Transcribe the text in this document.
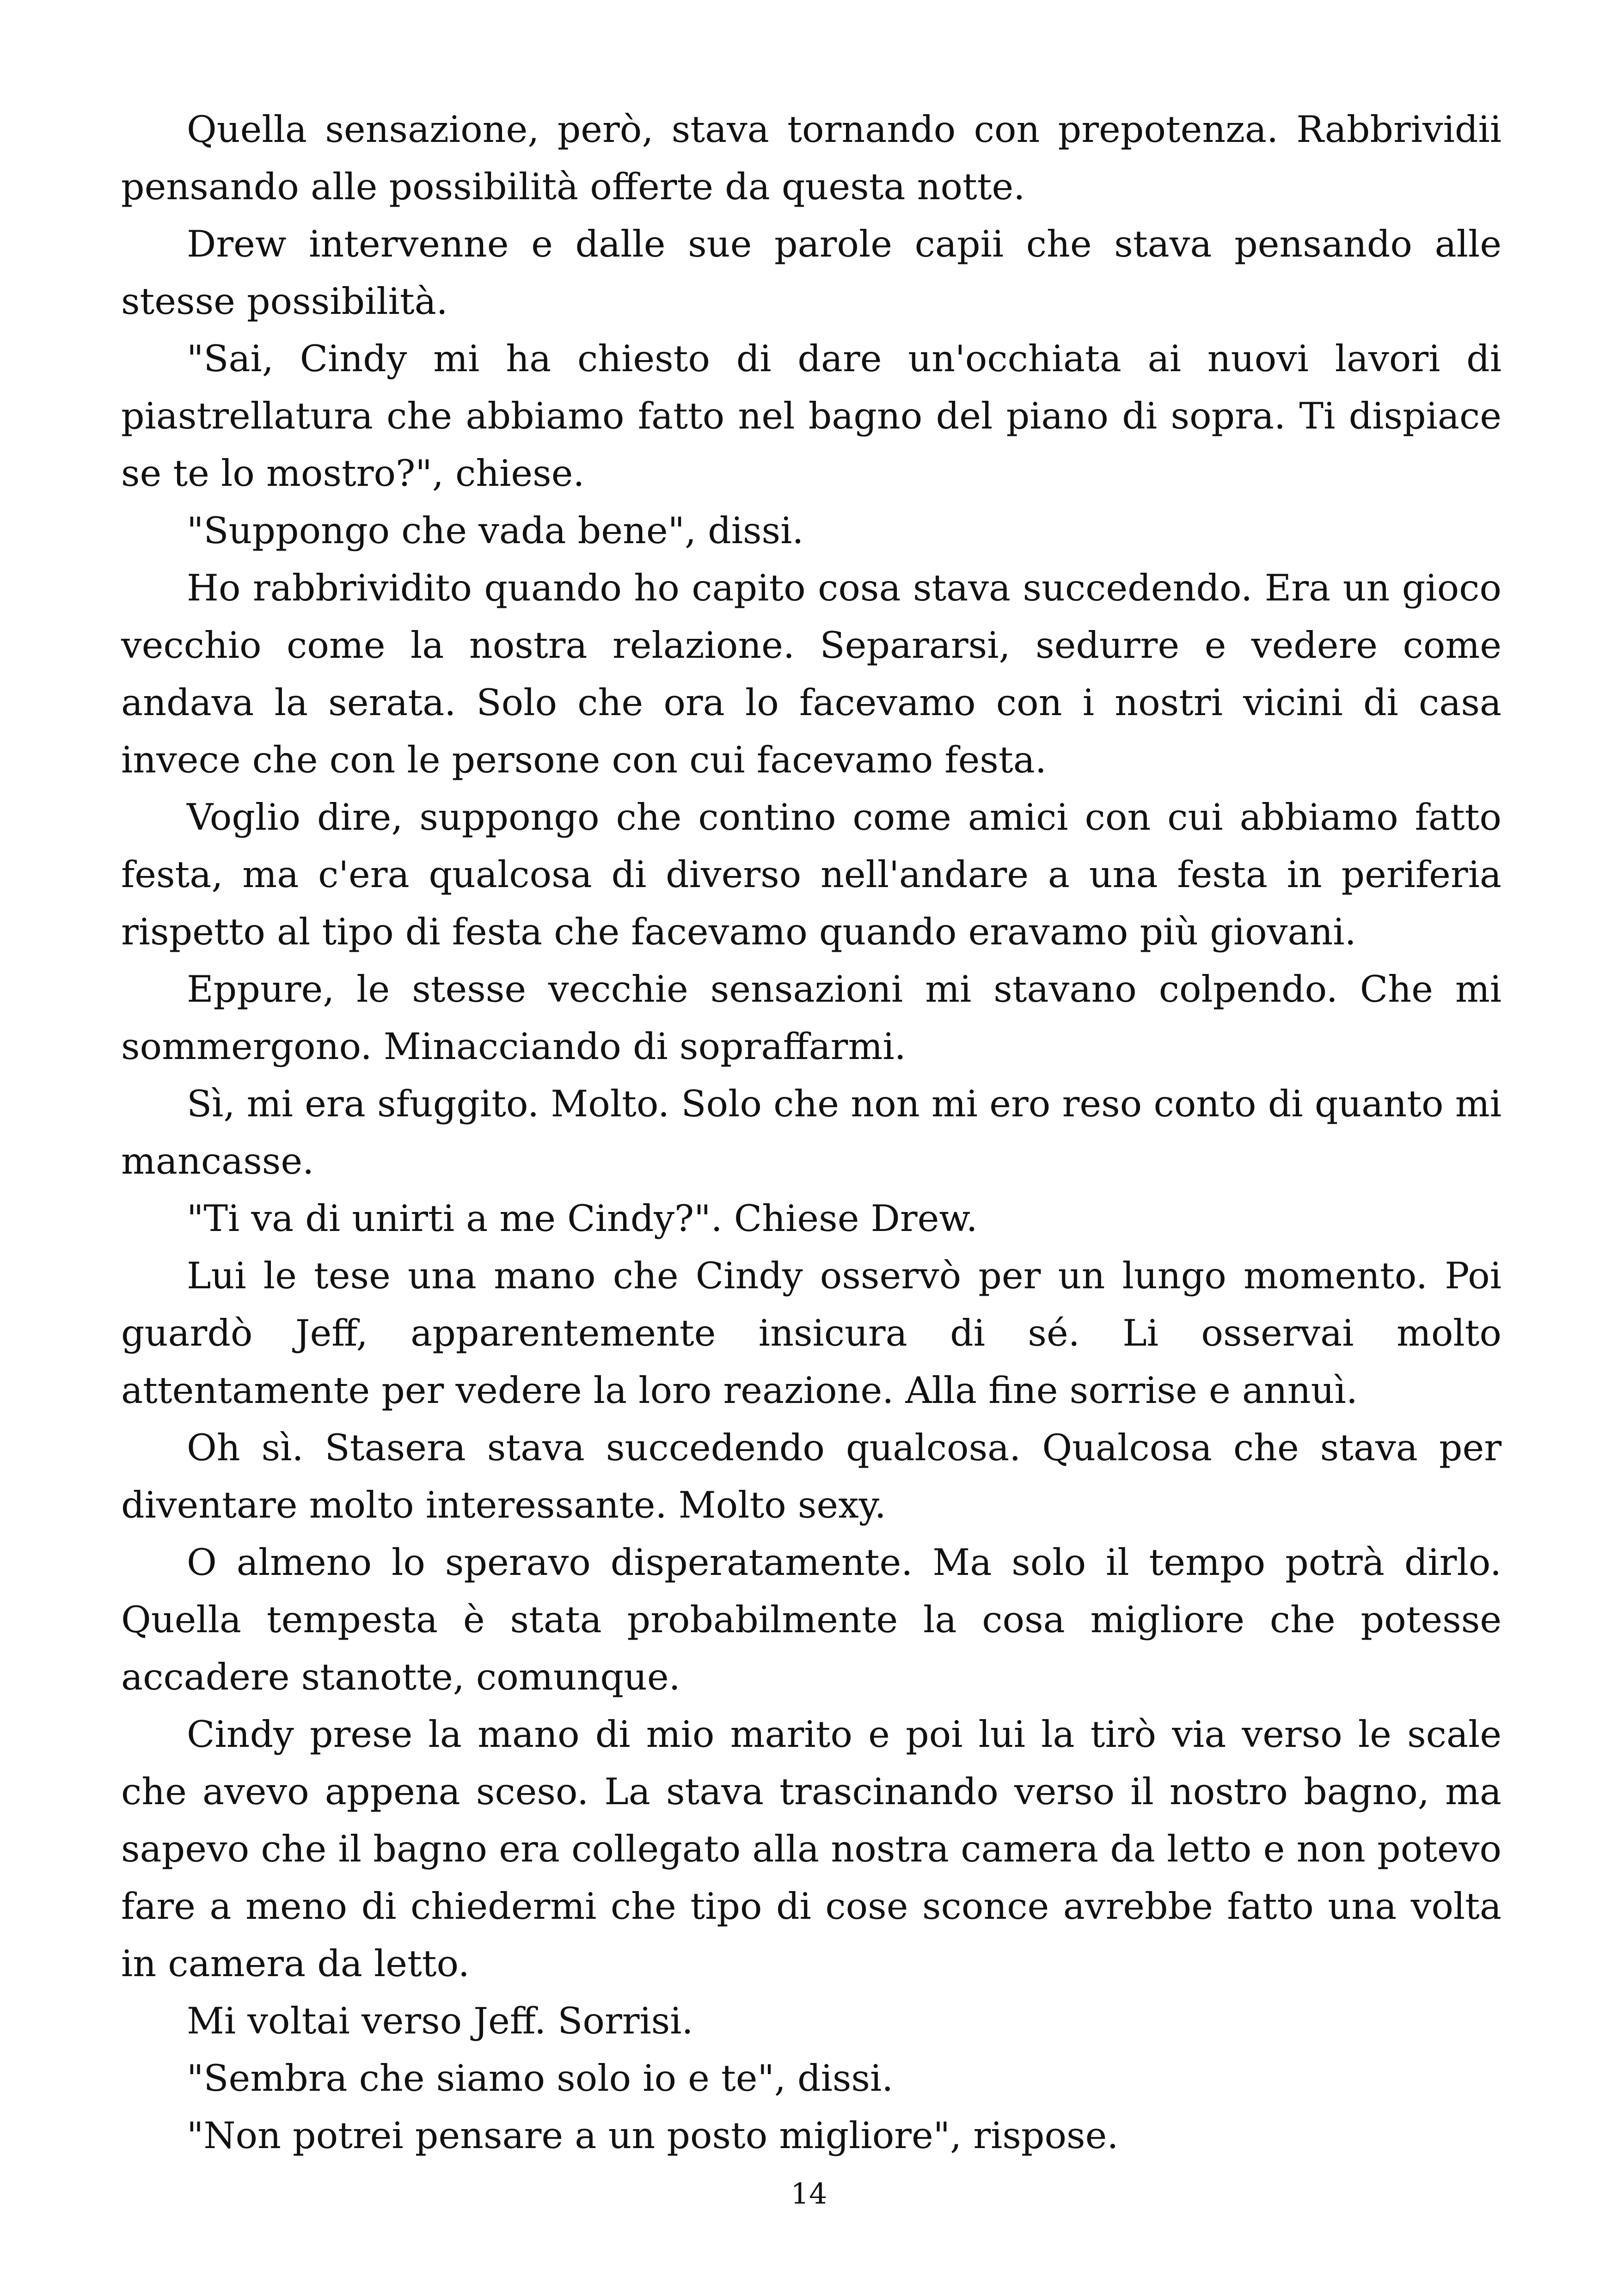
Quella sensazione, però, stava tornando con prepotenza. Rabbrividii pensando alle possibilità offerte da questa notte.

Drew intervenne e dalle sue parole capii che stava pensando alle stesse possibilità.

"Sai, Cindy mi ha chiesto di dare un'occhiata ai nuovi lavori di piastrellatura che abbiamo fatto nel bagno del piano di sopra. Ti dispiace se te lo mostro?", chiese.

"Suppongo che vada bene", dissi.

Ho rabbrividito quando ho capito cosa stava succedendo. Era un gioco vecchio come la nostra relazione. Separarsi, sedurre e vedere come andava la serata. Solo che ora lo facevamo con i nostri vicini di casa invece che con le persone con cui facevamo festa.

Voglio dire, suppongo che contino come amici con cui abbiamo fatto festa, ma c'era qualcosa di diverso nell'andare a una festa in periferia rispetto al tipo di festa che facevamo quando eravamo più giovani.

Eppure, le stesse vecchie sensazioni mi stavano colpendo. Che mi sommergono. Minacciando di sopraffarmi.

Sì, mi era sfuggito. Molto. Solo che non mi ero reso conto di quanto mi mancasse.

"Ti va di unirti a me Cindy?". Chiese Drew.

Lui le tese una mano che Cindy osservò per un lungo momento. Poi guardò Jeff, apparentemente insicura di sé. Li osservai molto attentamente per vedere la loro reazione. Alla fine sorrise e annuì.

Oh sì. Stasera stava succedendo qualcosa. Qualcosa che stava per diventare molto interessante. Molto sexy.

O almeno lo speravo disperatamente. Ma solo il tempo potrà dirlo. Quella tempesta è stata probabilmente la cosa migliore che potesse accadere stanotte, comunque.

Cindy prese la mano di mio marito e poi lui la tirò via verso le scale che avevo appena sceso. La stava trascinando verso il nostro bagno, ma sapevo che il bagno era collegato alla nostra camera da letto e non potevo fare a meno di chiedermi che tipo di cose sconce avrebbe fatto una volta in camera da letto.

Mi voltai verso Jeff. Sorrisi.

"Sembra che siamo solo io e te", dissi.

"Non potrei pensare a un posto migliore", rispose.

14
